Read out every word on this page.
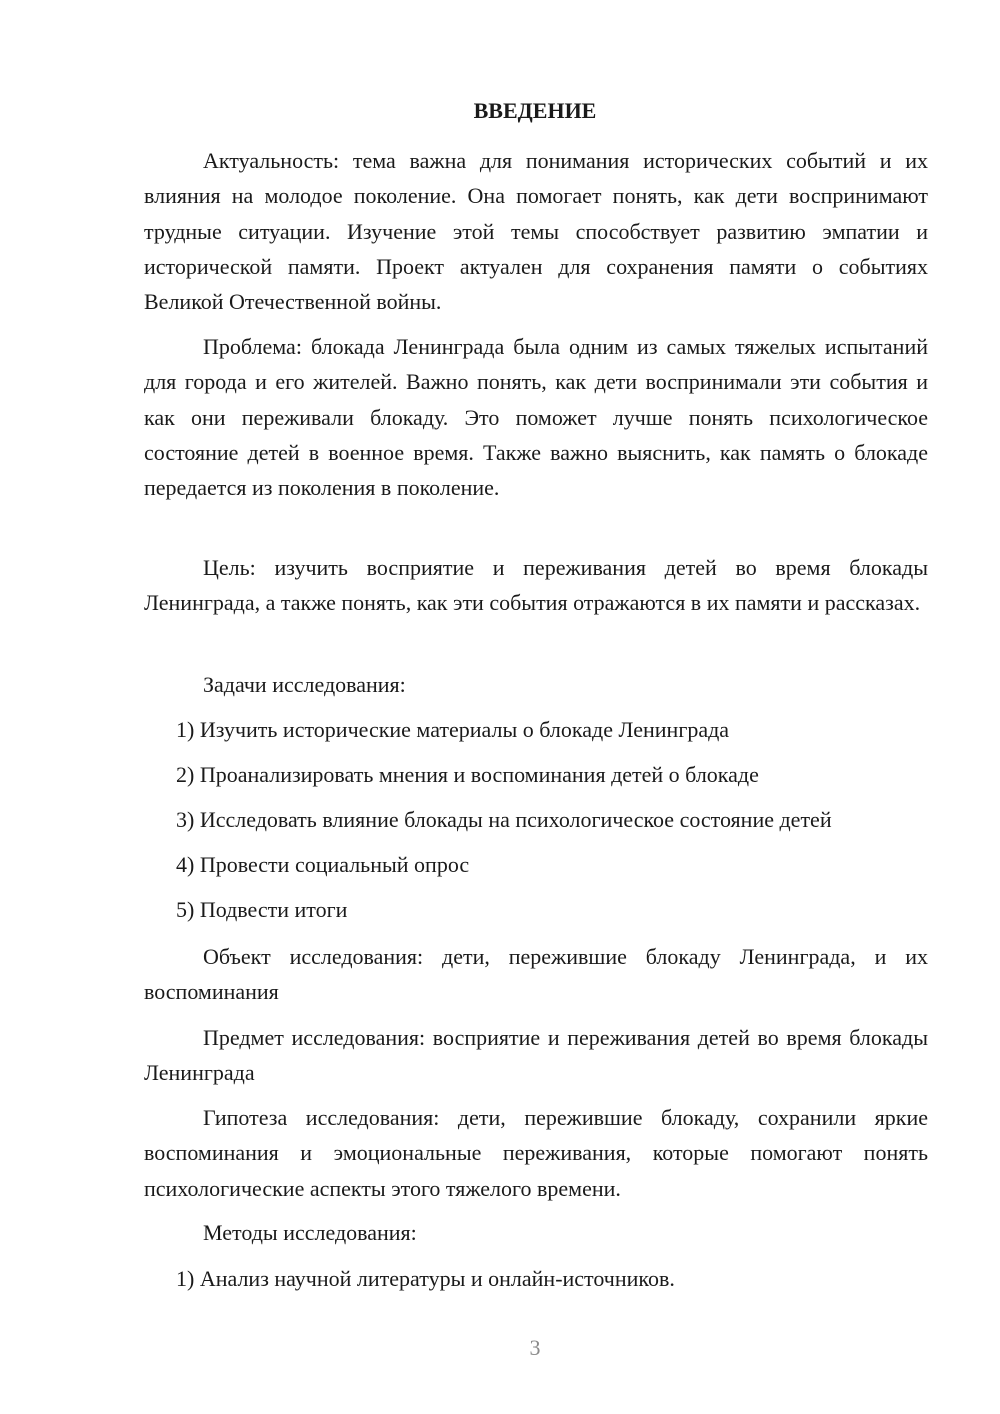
ВВЕДЕНИЕ

Актуальность: тема важна для понимания исторических событий и их влияния на молодое поколение. Она помогает понять, как дети воспринимают трудные ситуации. Изучение этой темы способствует развитию эмпатии и исторической памяти. Проект актуален для сохранения памяти о событиях Великой Отечественной войны.

Проблема: блокада Ленинграда была одним из самых тяжелых испытаний для города и его жителей. Важно понять, как дети воспринимали эти события и как они переживали блокаду. Это поможет лучше понять психологическое состояние детей в военное время. Также важно выяснить, как память о блокаде передается из поколения в поколение.

Цель: изучить восприятие и переживания детей во время блокады Ленинграда, а также понять, как эти события отражаются в их памяти и рассказах.

Задачи исследования:

1) Изучить исторические материалы о блокаде Ленинграда

2) Проанализировать мнения и воспоминания детей о блокаде

3) Исследовать влияние блокады на психологическое состояние детей

4) Провести социальный опрос

5) Подвести итоги

Объект исследования: дети, пережившие блокаду Ленинграда, и их воспоминания

Предмет исследования: восприятие и переживания детей во время блокады Ленинграда

Гипотеза исследования: дети, пережившие блокаду, сохранили яркие воспоминания и эмоциональные переживания, которые помогают понять психологические аспекты этого тяжелого времени.

Методы исследования:

1) Анализ научной литературы и онлайн-источников.

3
